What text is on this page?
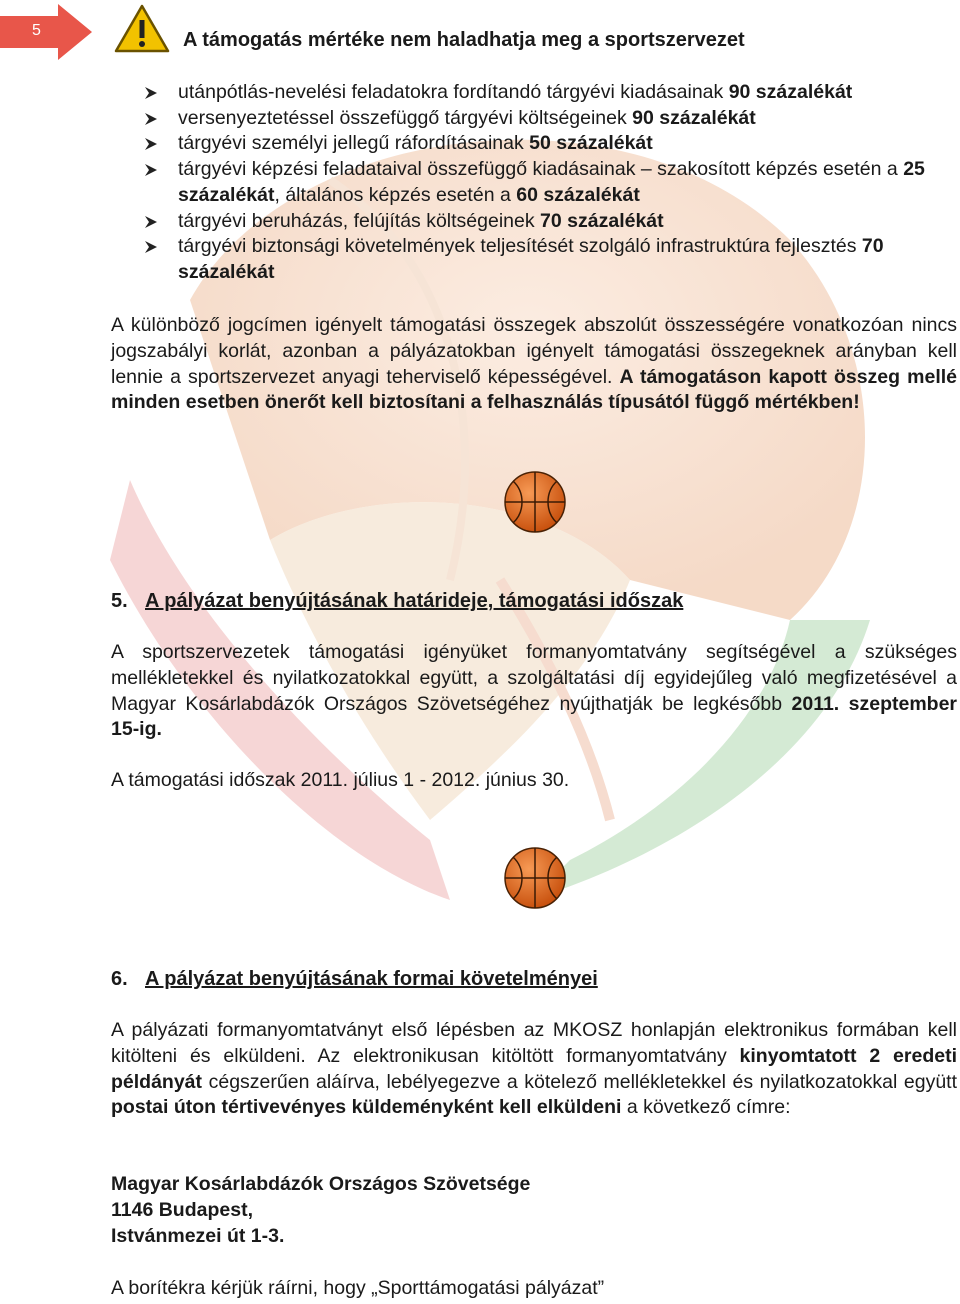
5	A támogatás mértéke nem haladhatja meg a sportszervezet
utánpótlás-nevelési feladatokra fordítandó tárgyévi kiadásainak 90 százalékát
versenyeztetéssel összefüggő tárgyévi költségeinek 90 százalékát
tárgyévi személyi jellegű ráfordításainak 50 százalékát
tárgyévi képzési feladataival összefüggő kiadásainak – szakosított képzés esetén a 25 százalékát, általános képzés esetén a 60 százalékát
tárgyévi beruházás, felújítás költségeinek 70 százalékát
tárgyévi biztonsági követelmények teljesítését szolgáló infrastruktúra fejlesztés 70 százalékát
A különböző jogcímen igényelt támogatási összegek abszolút összességére vonatkozóan nincs jogszabályi korlát, azonban a pályázatokban igényelt támogatási összegeknek arányban kell lennie a sportszervezet anyagi teherviselő képességével. A támogatáson kapott összeg mellé minden esetben önerőt kell biztosítani a felhasználás típusától függő mértékben!
5. A pályázat benyújtásának határideje, támogatási időszak
A sportszervezetek támogatási igényüket formanyomtatvány segítségével a szükséges mellékletekkel és nyilatkozatokkal együtt, a szolgáltatási díj egyidejűleg való megfizetésével a Magyar Kosárlabdázók Országos Szövetségéhez nyújthatják be legkésőbb 2011. szeptember 15-ig.
A támogatási időszak 2011. július 1 - 2012. június 30.
6. A pályázat benyújtásának formai követelményei
A pályázati formanyomtatványt első lépésben az MKOSZ honlapján elektronikus formában kell kitölteni és elküldeni. Az elektronikusan kitöltött formanyomtatvány kinyomtatott 2 eredeti példányát cégszerűen aláírva, lebélyegezve a kötelező mellékletekkel és nyilatkozatokkal együtt postai úton tértivevényes küldeményként kell elküldeni a következő címre:
Magyar Kosárlabdázók Országos Szövetsége
1146 Budapest,
Istvánmezei út 1-3.
A borítékra kérjük ráírni, hogy „Sporttámogatási pályázat”
